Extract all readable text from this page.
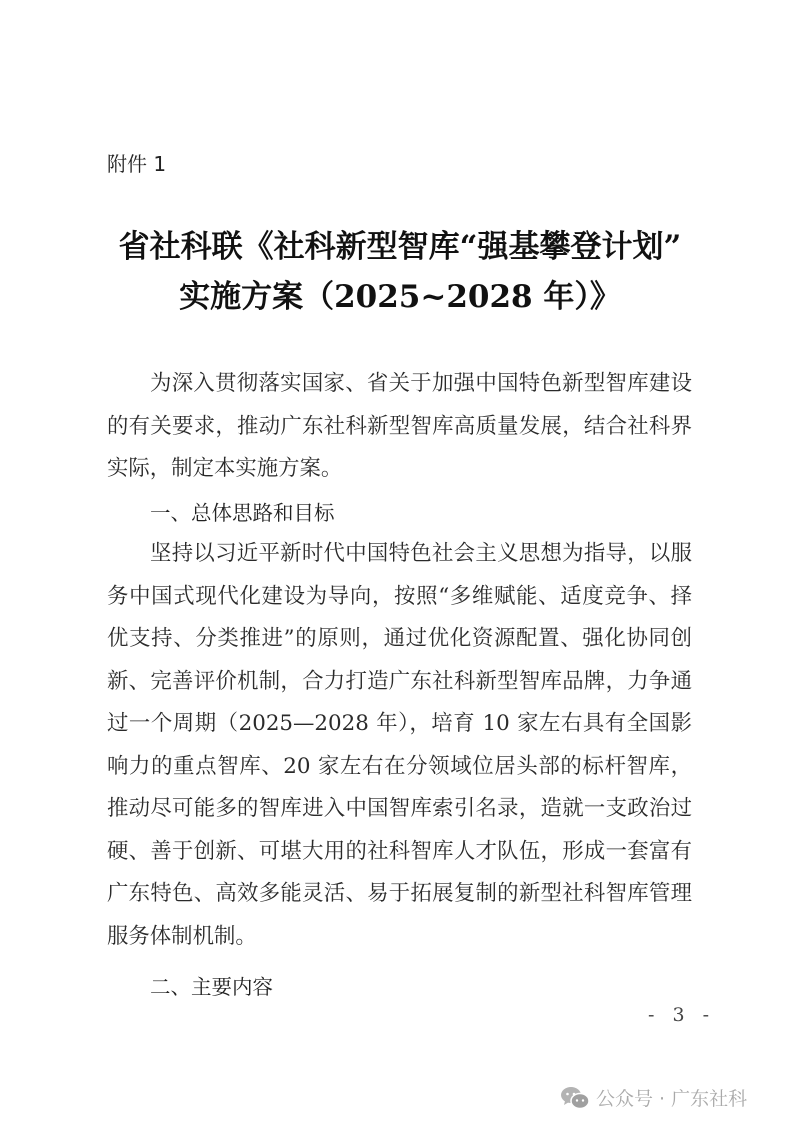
附件 1
省社科联《社科新型智库“强基攀登计划”
实施方案（2025~2028 年）》

为深入贯彻落实国家、省关于加强中国特色新型智库建设的有关要求，推动广东社科新型智库高质量发展，结合社科界实际，制定本实施方案。

一、总体思路和目标

坚持以习近平新时代中国特色社会主义思想为指导，以服务中国式现代化建设为导向，按照“多维赋能、适度竞争、择优支持、分类推进”的原则，通过优化资源配置、强化协同创新、完善评价机制，合力打造广东社科新型智库品牌，力争通过一个周期（2025—2028 年），培育 10 家左右具有全国影响力的重点智库、20 家左右在分领域位居头部的标杆智库，推动尽可能多的智库进入中国智库索引名录，造就一支政治过硬、善于创新、可堪大用的社科智库人才队伍，形成一套富有广东特色、高效多能灵活、易于拓展复制的新型社科智库管理服务体制机制。

二、主要内容
- 3 -
公众号 · 广东社科
